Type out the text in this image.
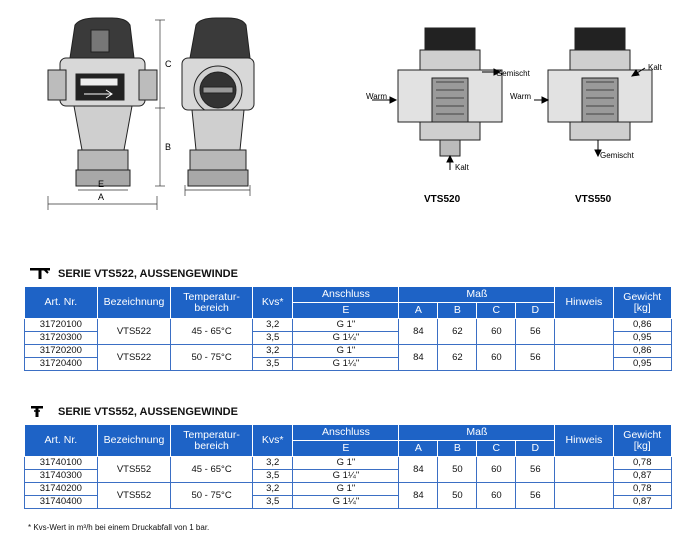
C
B
E
A
Warm
Gemischt
Kalt
VTS520
Warm
Kalt
Gemischt
VTS550
SERIE VTS522, AUSSENGEWINDE
Art. Nr.	Bezeichnung	Temperatur-bereich	Kvs*	Anschluss	Maß				Hinweis	Gewicht [kg]
				E	A	B	C	D		
31720100	VTS522	45 - 65°C	3,2	G 1"	84	62	60	56		0,86
31720300			3,5	G 1¼"						0,95
31720200	VTS522	50 - 75°C	3,2	G 1"	84	62	60	56		0,86
31720400			3,5	G 1¼"						0,95
SERIE VTS552, AUSSENGEWINDE
Art. Nr.	Bezeichnung	Temperatur-bereich	Kvs*	Anschluss	Maß				Hinweis	Gewicht [kg]
				E	A	B	C	D		
31740100	VTS552	45 - 65°C	3,2	G 1"	84	50	60	56		0,78
31740300			3,5	G 1¼"						0,87
31740200	VTS552	50 - 75°C	3,2	G 1"	84	50	60	56		0,78
31740400			3,5	G 1¼"						0,87
* Kvs-Wert in m³/h bei einem Druckabfall von 1 bar.
